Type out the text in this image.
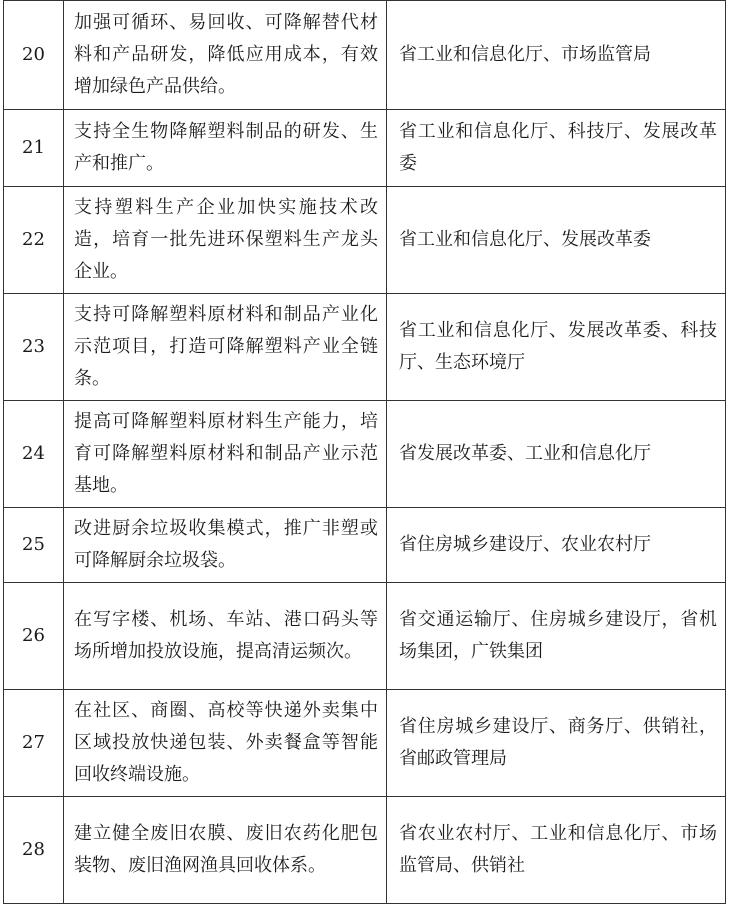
20	加强可循环、易回收、可降解替代材料和产品研发，降低应用成本，有效增加绿色产品供给。	省工业和信息化厅、市场监管局
21	支持全生物降解塑料制品的研发、生产和推广。	省工业和信息化厅、科技厅、发展改革委
22	支持塑料生产企业加快实施技术改造，培育一批先进环保塑料生产龙头企业。	省工业和信息化厅、发展改革委
23	支持可降解塑料原材料和制品产业化示范项目，打造可降解塑料产业全链条。	省工业和信息化厅、发展改革委、科技厅、生态环境厅
24	提高可降解塑料原材料生产能力，培育可降解塑料原材料和制品产业示范基地。	省发展改革委、工业和信息化厅
25	改进厨余垃圾收集模式，推广非塑或可降解厨余垃圾袋。	省住房城乡建设厅、农业农村厅
26	在写字楼、机场、车站、港口码头等场所增加投放设施，提高清运频次。	省交通运输厅、住房城乡建设厅，省机场集团，广铁集团
27	在社区、商圈、高校等快递外卖集中区域投放快递包装、外卖餐盒等智能回收终端设施。	省住房城乡建设厅、商务厅、供销社，省邮政管理局
28	建立健全废旧农膜、废旧农药化肥包装物、废旧渔网渔具回收体系。	省农业农村厅、工业和信息化厅、市场监管局、供销社
